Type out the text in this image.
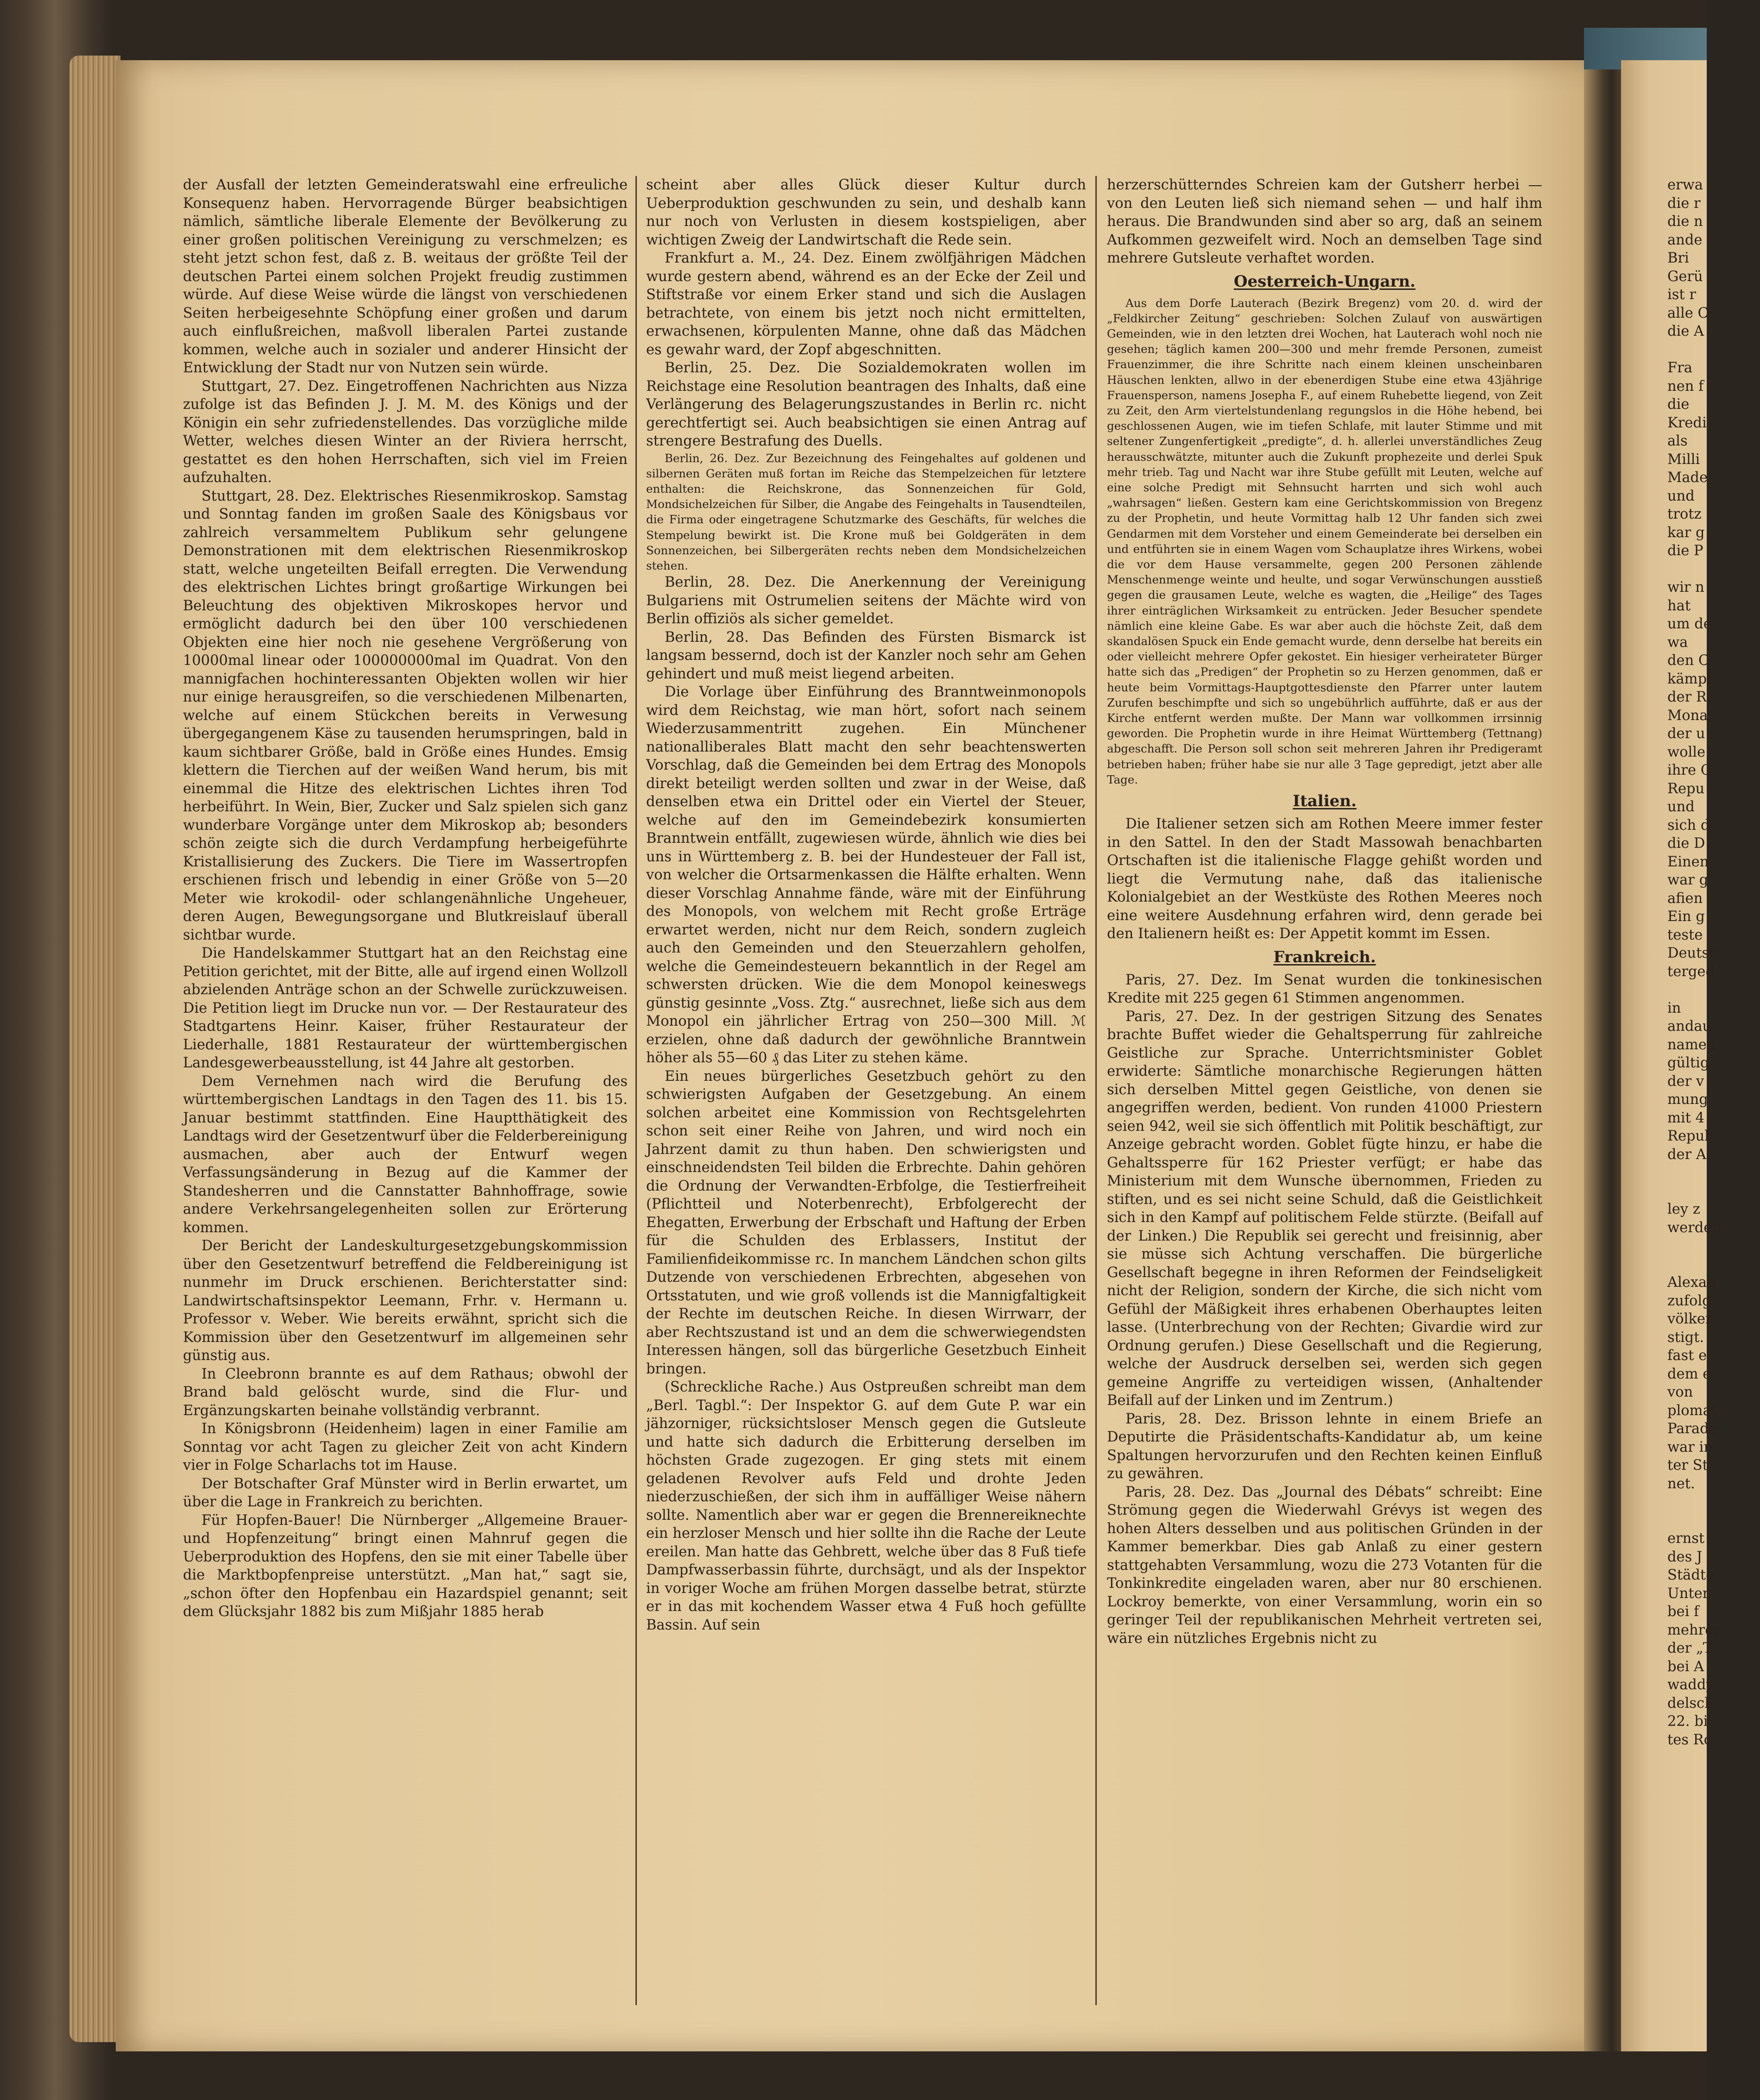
erwa
die r
die n
ande
Bri
Gerü
ist r
alle C
die A
Fra
nen f
die
Kredi
als
Milli
Made
und
trotz
kar g
die P
wir n
hat
um de
wa
den C
kämpf
der R
Mona
der u
wolle
ihre C
Repu
und
sich d
die D
Einen
war g
afien
Ein g
teste
Deutsc
terged
in
andau
namen
gültig
der v
mung.
mit 4
Repub
der A
ley z
werden
Alexan
zufolg
völker
stigt.
fast e
dem e
von
plomat
Parade
war in
ter St
net.
ernst
des J
Städte
Unter
bei f
mehrer
der „T
bei A
waddy
delsch
22. bi
tes Ro

der Ausfall der letzten Gemeinderatswahl eine erfreuliche Konsequenz haben. Hervorragende Bürger beabsichtigen nämlich, sämtliche liberale Elemente der Bevölkerung zu einer großen politischen Vereinigung zu verschmelzen; es steht jetzt schon fest, daß z. B. weitaus der größte Teil der deutschen Partei einem solchen Projekt freudig zustimmen würde. Auf diese Weise würde die längst von verschiedenen Seiten herbeigesehnte Schöpfung einer großen und darum auch einflußreichen, maßvoll liberalen Partei zustande kommen, welche auch in sozialer und anderer Hinsicht der Entwicklung der Stadt nur von Nutzen sein würde.

Stuttgart, 27. Dez. Eingetroffenen Nachrichten aus Nizza zufolge ist das Befinden J. J. M. M. des Königs und der Königin ein sehr zufriedenstellendes. Das vorzügliche milde Wetter, welches diesen Winter an der Riviera herrscht, gestattet es den hohen Herrschaften, sich viel im Freien aufzuhalten.

Stuttgart, 28. Dez. Elektrisches Riesenmikroskop. Samstag und Sonntag fanden im großen Saale des Königsbaus vor zahlreich versammeltem Publikum sehr gelungene Demonstrationen mit dem elektrischen Riesenmikroskop statt, welche ungeteilten Beifall erregten. Die Verwendung des elektrischen Lichtes bringt großartige Wirkungen bei Beleuchtung des objektiven Mikroskopes hervor und ermöglicht dadurch bei den über 100 verschiedenen Objekten eine hier noch nie gesehene Vergrößerung von 10000mal linear oder 100000000mal im Quadrat. Von den mannigfachen hochinteressanten Objekten wollen wir hier nur einige herausgreifen, so die verschiedenen Milbenarten, welche auf einem Stückchen bereits in Verwesung übergegangenem Käse zu tausenden herumspringen, bald in kaum sichtbarer Größe, bald in Größe eines Hundes. Emsig klettern die Tierchen auf der weißen Wand herum, bis mit einemmal die Hitze des elektrischen Lichtes ihren Tod herbeiführt. In Wein, Bier, Zucker und Salz spielen sich ganz wunderbare Vorgänge unter dem Mikroskop ab; besonders schön zeigte sich die durch Verdampfung herbeigeführte Kristallisierung des Zuckers. Die Tiere im Wassertropfen erschienen frisch und lebendig in einer Größe von 5—20 Meter wie krokodil- oder schlangenähnliche Ungeheuer, deren Augen, Bewegungsorgane und Blutkreislauf überall sichtbar wurde.

Die Handelskammer Stuttgart hat an den Reichstag eine Petition gerichtet, mit der Bitte, alle auf irgend einen Wollzoll abzielenden Anträge schon an der Schwelle zurückzuweisen. Die Petition liegt im Drucke nun vor. — Der Restaurateur des Stadtgartens Heinr. Kaiser, früher Restaurateur der Liederhalle, 1881 Restaurateur der württembergischen Landesgewerbeausstellung, ist 44 Jahre alt gestorben.

Dem Vernehmen nach wird die Berufung des württembergischen Landtags in den Tagen des 11. bis 15. Januar bestimmt stattfinden. Eine Hauptthätigkeit des Landtags wird der Gesetzentwurf über die Felderbereinigung ausmachen, aber auch der Entwurf wegen Verfassungsänderung in Bezug auf die Kammer der Standesherren und die Cannstatter Bahnhoffrage, sowie andere Verkehrsangelegenheiten sollen zur Erörterung kommen.

Der Bericht der Landeskulturgesetzgebungskommission über den Gesetzentwurf betreffend die Feldbereinigung ist nunmehr im Druck erschienen. Berichterstatter sind: Landwirtschaftsinspektor Leemann, Frhr. v. Hermann u. Professor v. Weber. Wie bereits erwähnt, spricht sich die Kommission über den Gesetzentwurf im allgemeinen sehr günstig aus.

In Cleebronn brannte es auf dem Rathaus; obwohl der Brand bald gelöscht wurde, sind die Flur- und Ergänzungskarten beinahe vollständig verbrannt.

In Königsbronn (Heidenheim) lagen in einer Familie am Sonntag vor acht Tagen zu gleicher Zeit von acht Kindern vier in Folge Scharlachs tot im Hause.

Der Botschafter Graf Münster wird in Berlin erwartet, um über die Lage in Frankreich zu berichten.

Für Hopfen-Bauer! Die Nürnberger „Allgemeine Brauer- und Hopfenzeitung“ bringt einen Mahnruf gegen die Ueberproduktion des Hopfens, den sie mit einer Tabelle über die Marktbopfenpreise unterstützt. „Man hat,“ sagt sie, „schon öfter den Hopfenbau ein Hazardspiel genannt; seit dem Glücksjahr 1882 bis zum Mißjahr 1885 herab

scheint aber alles Glück dieser Kultur durch Ueberproduktion geschwunden zu sein, und deshalb kann nur noch von Verlusten in diesem kostspieligen, aber wichtigen Zweig der Landwirtschaft die Rede sein.

Frankfurt a. M., 24. Dez. Einem zwölfjährigen Mädchen wurde gestern abend, während es an der Ecke der Zeil und Stiftstraße vor einem Erker stand und sich die Auslagen betrachtete, von einem bis jetzt noch nicht ermittelten, erwachsenen, körpulenten Manne, ohne daß das Mädchen es gewahr ward, der Zopf abgeschnitten.

Berlin, 25. Dez. Die Sozialdemokraten wollen im Reichstage eine Resolution beantragen des Inhalts, daß eine Verlängerung des Belagerungszustandes in Berlin rc. nicht gerechtfertigt sei. Auch beabsichtigen sie einen Antrag auf strengere Bestrafung des Duells.

Berlin, 26. Dez. Zur Bezeichnung des Feingehaltes auf goldenen und silbernen Geräten muß fortan im Reiche das Stempelzeichen für letztere enthalten: die Reichskrone, das Sonnenzeichen für Gold, Mondsichelzeichen für Silber, die Angabe des Feingehalts in Tausendteilen, die Firma oder eingetragene Schutzmarke des Geschäfts, für welches die Stempelung bewirkt ist. Die Krone muß bei Goldgeräten in dem Sonnenzeichen, bei Silbergeräten rechts neben dem Mondsichelzeichen stehen.

Berlin, 28. Dez. Die Anerkennung der Vereinigung Bulgariens mit Ostrumelien seitens der Mächte wird von Berlin offiziös als sicher gemeldet.

Berlin, 28. Das Befinden des Fürsten Bismarck ist langsam bessernd, doch ist der Kanzler noch sehr am Gehen gehindert und muß meist liegend arbeiten.

Die Vorlage über Einführung des Branntweinmonopols wird dem Reichstag, wie man hört, sofort nach seinem Wiederzusammentritt zugehen. Ein Münchener nationalliberales Blatt macht den sehr beachtenswerten Vorschlag, daß die Gemeinden bei dem Ertrag des Monopols direkt beteiligt werden sollten und zwar in der Weise, daß denselben etwa ein Drittel oder ein Viertel der Steuer, welche auf den im Gemeindebezirk konsumierten Branntwein entfällt, zugewiesen würde, ähnlich wie dies bei uns in Württemberg z. B. bei der Hundesteuer der Fall ist, von welcher die Ortsarmenkassen die Hälfte erhalten. Wenn dieser Vorschlag Annahme fände, wäre mit der Einführung des Monopols, von welchem mit Recht große Erträge erwartet werden, nicht nur dem Reich, sondern zugleich auch den Gemeinden und den Steuerzahlern geholfen, welche die Gemeindesteuern bekanntlich in der Regel am schwersten drücken. Wie die dem Monopol keineswegs günstig gesinnte „Voss. Ztg.“ ausrechnet, ließe sich aus dem Monopol ein jährlicher Ertrag von 250—300 Mill. ℳ erzielen, ohne daß dadurch der gewöhnliche Branntwein höher als 55—60 ₰ das Liter zu stehen käme.

Ein neues bürgerliches Gesetzbuch gehört zu den schwierigsten Aufgaben der Gesetzgebung. An einem solchen arbeitet eine Kommission von Rechtsgelehrten schon seit einer Reihe von Jahren, und wird noch ein Jahrzent damit zu thun haben. Den schwierigsten und einschneidendsten Teil bilden die Erbrechte. Dahin gehören die Ordnung der Verwandten-Erbfolge, die Testierfreiheit (Pflichtteil und Noterbenrecht), Erbfolgerecht der Ehegatten, Erwerbung der Erbschaft und Haftung der Erben für die Schulden des Erblassers, Institut der Familienfideikommisse rc. In manchem Ländchen schon gilts Dutzende von verschiedenen Erbrechten, abgesehen von Ortsstatuten, und wie groß vollends ist die Mannigfaltigkeit der Rechte im deutschen Reiche. In diesen Wirrwarr, der aber Rechtszustand ist und an dem die schwerwiegendsten Interessen hängen, soll das bürgerliche Gesetzbuch Einheit bringen.

(Schreckliche Rache.) Aus Ostpreußen schreibt man dem „Berl. Tagbl.“: Der Inspektor G. auf dem Gute P. war ein jähzorniger, rücksichtsloser Mensch gegen die Gutsleute und hatte sich dadurch die Erbitterung derselben im höchsten Grade zugezogen. Er ging stets mit einem geladenen Revolver aufs Feld und drohte Jeden niederzuschießen, der sich ihm in auffälliger Weise nähern sollte. Namentlich aber war er gegen die Brennereiknechte ein herzloser Mensch und hier sollte ihn die Rache der Leute ereilen. Man hatte das Gehbrett, welche über das 8 Fuß tiefe Dampfwasserbassin führte, durchsägt, und als der Inspektor in voriger Woche am frühen Morgen dasselbe betrat, stürzte er in das mit kochendem Wasser etwa 4 Fuß hoch gefüllte Bassin. Auf sein

herzerschütterndes Schreien kam der Gutsherr herbei — von den Leuten ließ sich niemand sehen — und half ihm heraus. Die Brandwunden sind aber so arg, daß an seinem Aufkommen gezweifelt wird. Noch an demselben Tage sind mehrere Gutsleute verhaftet worden.

Oesterreich-Ungarn.

Aus dem Dorfe Lauterach (Bezirk Bregenz) vom 20. d. wird der „Feldkircher Zeitung“ geschrieben: Solchen Zulauf von auswärtigen Gemeinden, wie in den letzten drei Wochen, hat Lauterach wohl noch nie gesehen; täglich kamen 200—300 und mehr fremde Personen, zumeist Frauenzimmer, die ihre Schritte nach einem kleinen unscheinbaren Häuschen lenkten, allwo in der ebenerdigen Stube eine etwa 43jährige Frauensperson, namens Josepha F., auf einem Ruhebette liegend, von Zeit zu Zeit, den Arm viertelstundenlang regungslos in die Höhe hebend, bei geschlossenen Augen, wie im tiefen Schlafe, mit lauter Stimme und mit seltener Zungenfertigkeit „predigte“, d. h. allerlei unverständliches Zeug herausschwätzte, mitunter auch die Zukunft prophezeite und derlei Spuk mehr trieb. Tag und Nacht war ihre Stube gefüllt mit Leuten, welche auf eine solche Predigt mit Sehnsucht harrten und sich wohl auch „wahrsagen“ ließen. Gestern kam eine Gerichtskommission von Bregenz zu der Prophetin, und heute Vormittag halb 12 Uhr fanden sich zwei Gendarmen mit dem Vorsteher und einem Gemeinderate bei derselben ein und entführten sie in einem Wagen vom Schauplatze ihres Wirkens, wobei die vor dem Hause versammelte, gegen 200 Personen zählende Menschenmenge weinte und heulte, und sogar Verwünschungen ausstieß gegen die grausamen Leute, welche es wagten, die „Heilige“ des Tages ihrer einträglichen Wirksamkeit zu entrücken. Jeder Besucher spendete nämlich eine kleine Gabe. Es war aber auch die höchste Zeit, daß dem skandalösen Spuck ein Ende gemacht wurde, denn derselbe hat bereits ein oder vielleicht mehrere Opfer gekostet. Ein hiesiger verheirateter Bürger hatte sich das „Predigen“ der Prophetin so zu Herzen genommen, daß er heute beim Vormittags-Hauptgottesdienste den Pfarrer unter lautem Zurufen beschimpfte und sich so ungebührlich aufführte, daß er aus der Kirche entfernt werden mußte. Der Mann war vollkommen irrsinnig geworden. Die Prophetin wurde in ihre Heimat Württemberg (Tettnang) abgeschafft. Die Person soll schon seit mehreren Jahren ihr Predigeramt betrieben haben; früher habe sie nur alle 3 Tage gepredigt, jetzt aber alle Tage.

Italien.

Die Italiener setzen sich am Rothen Meere immer fester in den Sattel. In den der Stadt Massowah benachbarten Ortschaften ist die italienische Flagge gehißt worden und liegt die Vermutung nahe, daß das italienische Kolonialgebiet an der Westküste des Rothen Meeres noch eine weitere Ausdehnung erfahren wird, denn gerade bei den Italienern heißt es: Der Appetit kommt im Essen.

Frankreich.

Paris, 27. Dez. Im Senat wurden die tonkinesischen Kredite mit 225 gegen 61 Stimmen angenommen.

Paris, 27. Dez. In der gestrigen Sitzung des Senates brachte Buffet wieder die Gehaltsperrung für zahlreiche Geistliche zur Sprache. Unterrichtsminister Goblet erwiderte: Sämtliche monarchische Regierungen hätten sich derselben Mittel gegen Geistliche, von denen sie angegriffen werden, bedient. Von runden 41000 Priestern seien 942, weil sie sich öffentlich mit Politik beschäftigt, zur Anzeige gebracht worden. Goblet fügte hinzu, er habe die Gehaltssperre für 162 Priester verfügt; er habe das Ministerium mit dem Wunsche übernommen, Frieden zu stiften, und es sei nicht seine Schuld, daß die Geistlichkeit sich in den Kampf auf politischem Felde stürzte. (Beifall auf der Linken.) Die Republik sei gerecht und freisinnig, aber sie müsse sich Achtung verschaffen. Die bürgerliche Gesellschaft begegne in ihren Reformen der Feindseligkeit nicht der Religion, sondern der Kirche, die sich nicht vom Gefühl der Mäßigkeit ihres erhabenen Oberhauptes leiten lasse. (Unterbrechung von der Rechten; Givardie wird zur Ordnung gerufen.) Diese Gesellschaft und die Regierung, welche der Ausdruck derselben sei, werden sich gegen gemeine Angriffe zu verteidigen wissen, (Anhaltender Beifall auf der Linken und im Zentrum.)

Paris, 28. Dez. Brisson lehnte in einem Briefe an Deputirte die Präsidentschafts-Kandidatur ab, um keine Spaltungen hervorzurufen und den Rechten keinen Einfluß zu gewähren.

Paris, 28. Dez. Das „Journal des Débats“ schreibt: Eine Strömung gegen die Wiederwahl Grévys ist wegen des hohen Alters desselben und aus politischen Gründen in der Kammer bemerkbar. Dies gab Anlaß zu einer gestern stattgehabten Versammlung, wozu die 273 Votanten für die Tonkinkredite eingeladen waren, aber nur 80 erschienen. Lockroy bemerkte, von einer Versammlung, worin ein so geringer Teil der republikanischen Mehrheit vertreten sei, wäre ein nützliches Ergebnis nicht zu
